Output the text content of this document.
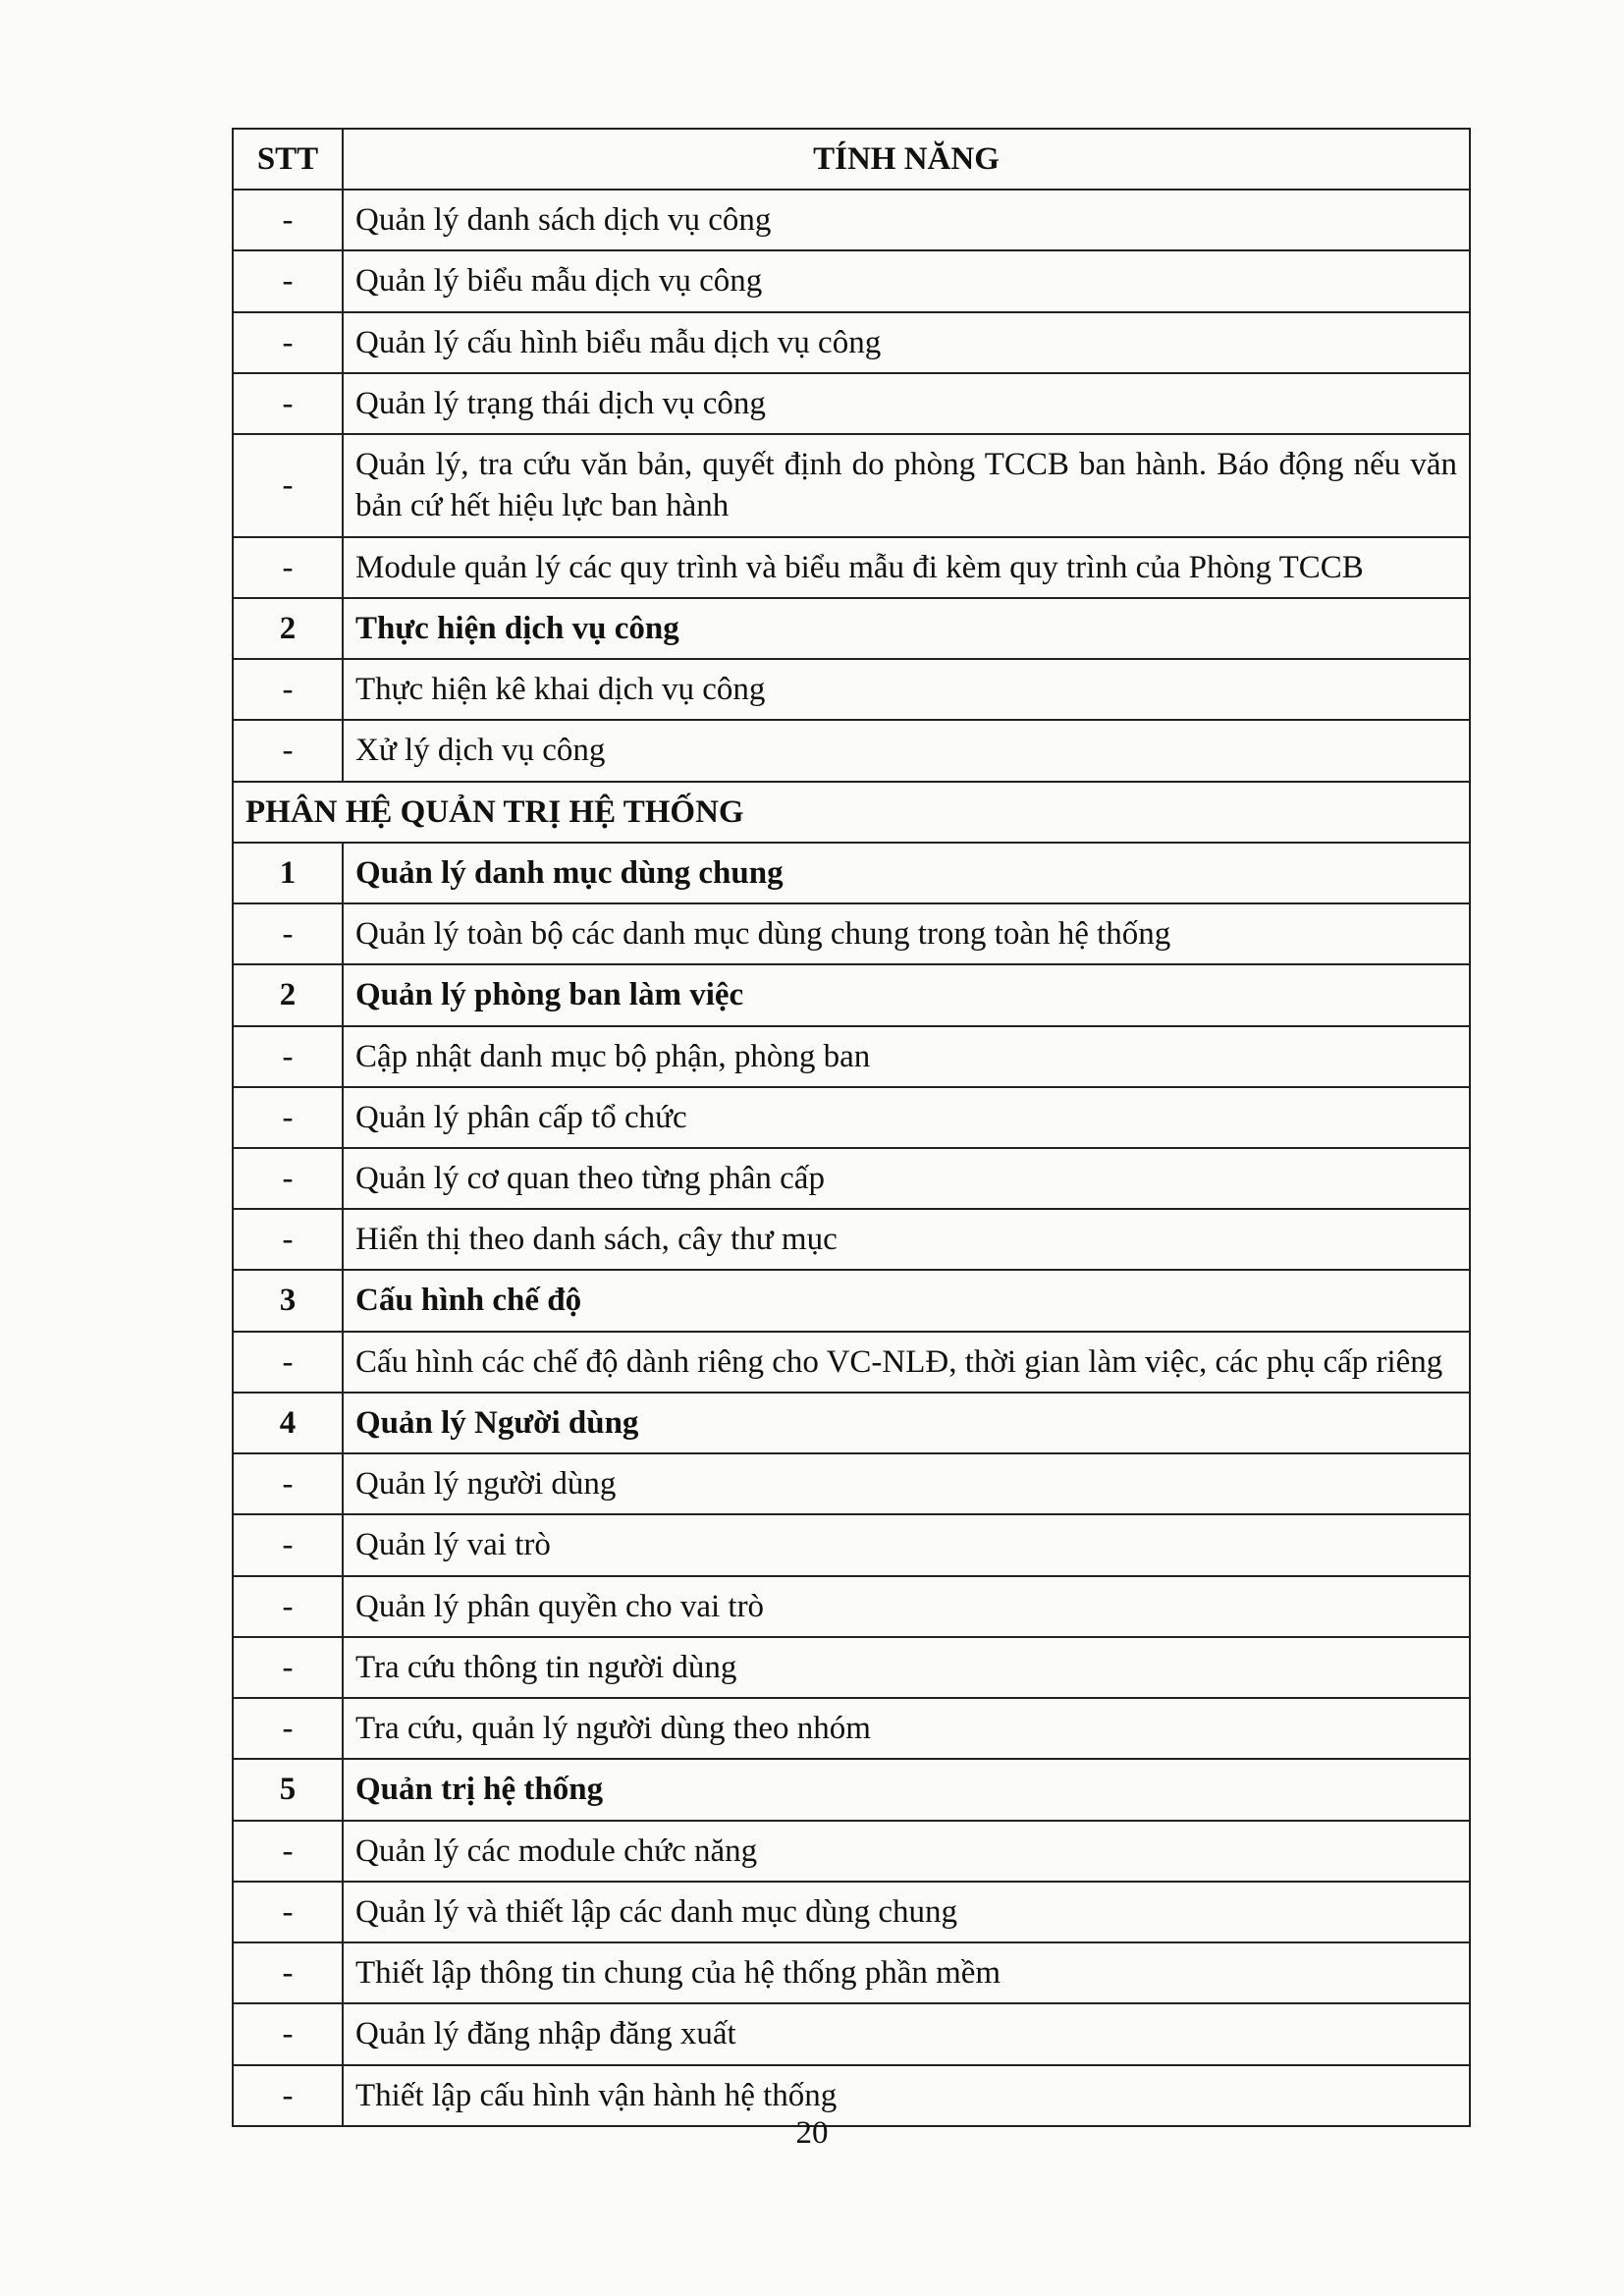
STT	TÍNH NĂNG
-	Quản lý danh sách dịch vụ công
-	Quản lý biểu mẫu dịch vụ công
-	Quản lý cấu hình biểu mẫu dịch vụ công
-	Quản lý trạng thái dịch vụ công
-	Quản lý, tra cứu văn bản, quyết định do phòng TCCB ban hành. Báo động nếu văn bản cứ hết hiệu lực ban hành
-	Module quản lý các quy trình và biểu mẫu đi kèm quy trình của Phòng TCCB
2	Thực hiện dịch vụ công
-	Thực hiện kê khai dịch vụ công
-	Xử lý dịch vụ công
PHÂN HỆ QUẢN TRỊ HỆ THỐNG	
1	Quản lý danh mục dùng chung
-	Quản lý toàn bộ các danh mục dùng chung trong toàn hệ thống
2	Quản lý phòng ban làm việc
-	Cập nhật danh mục bộ phận, phòng ban
-	Quản lý phân cấp tổ chức
-	Quản lý cơ quan theo từng phân cấp
-	Hiển thị theo danh sách, cây thư mục
3	Cấu hình chế độ
-	Cấu hình các chế độ dành riêng cho VC-NLĐ, thời gian làm việc, các phụ cấp riêng
4	Quản lý Người dùng
-	Quản lý người dùng
-	Quản lý vai trò
-	Quản lý phân quyền cho vai trò
-	Tra cứu thông tin người dùng
-	Tra cứu, quản lý người dùng theo nhóm
5	Quản trị hệ thống
-	Quản lý các module chức năng
-	Quản lý và thiết lập các danh mục dùng chung
-	Thiết lập thông tin chung của hệ thống phần mềm
-	Quản lý đăng nhập đăng xuất
-	Thiết lập cấu hình vận hành hệ thống
20
